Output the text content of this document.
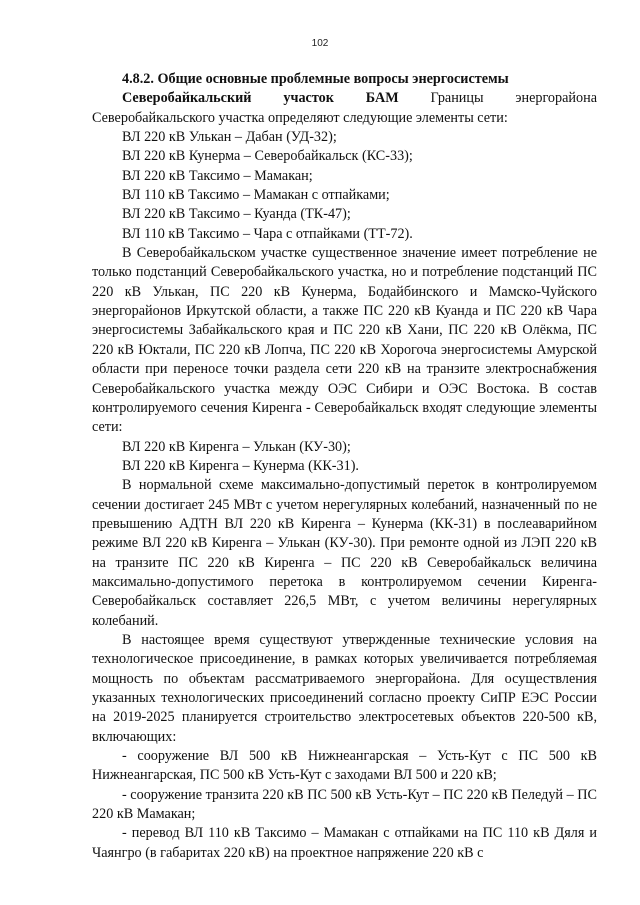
102

4.8.2. Общие основные проблемные вопросы энергосистемы

Северобайкальский участок БАМ Границы энергорайона Северобайкальского участка определяют следующие элементы сети:

ВЛ 220 кВ Улькан – Дабан (УД-32);

ВЛ 220 кВ Кунерма – Северобайкальск (КС-33);

ВЛ 220 кВ Таксимо – Мамакан;

ВЛ 110 кВ Таксимо – Мамакан с отпайками;

ВЛ 220 кВ Таксимо – Куанда (ТК-47);

ВЛ 110 кВ Таксимо – Чара с отпайками (ТТ-72).

В Северобайкальском участке существенное значение имеет потребление не только подстанций Северобайкальского участка, но и потребление подстанций ПС 220 кВ Улькан, ПС 220 кВ Кунерма, Бодайбинского и Мамско-Чуйского энергорайонов Иркутской области, а также ПС 220 кВ Куанда и ПС 220 кВ Чара энергосистемы Забайкальского края и ПС 220 кВ Хани, ПС 220 кВ Олёкма, ПС 220 кВ Юктали, ПС 220 кВ Лопча, ПС 220 кВ Хорогоча энергосистемы Амурской области при переносе точки раздела сети 220 кВ на транзите электроснабжения Северобайкальского участка между ОЭС Сибири и ОЭС Востока. В состав контролируемого сечения Киренга - Северобайкальск входят следующие элементы сети:

ВЛ 220 кВ Киренга – Улькан (КУ-30);

ВЛ 220 кВ Киренга – Кунерма (КК-31).

В нормальной схеме максимально-допустимый переток в контролируемом сечении достигает 245 МВт с учетом нерегулярных колебаний, назначенный по не превышению АДТН ВЛ 220 кВ Киренга – Кунерма (КК-31) в послеаварийном режиме ВЛ 220 кВ Киренга – Улькан (КУ-30). При ремонте одной из ЛЭП 220 кВ на транзите ПС 220 кВ Киренга – ПС 220 кВ Северобайкальск величина максимально-допустимого перетока в контролируемом сечении Киренга-Северобайкальск составляет 226,5 МВт, с учетом величины нерегулярных колебаний.

В настоящее время существуют утвержденные технические условия на технологическое присоединение, в рамках которых увеличивается потребляемая мощность по объектам рассматриваемого энергорайона. Для осуществления указанных технологических присоединений согласно проекту СиПР ЕЭС России на 2019-2025 планируется строительство электросетевых объектов 220-500 кВ, включающих:

- сооружение ВЛ 500 кВ Нижнеангарская – Усть-Кут с ПС 500 кВ Нижнеангарская, ПС 500 кВ Усть-Кут с заходами ВЛ 500 и 220 кВ;

- сооружение транзита 220 кВ ПС 500 кВ Усть-Кут – ПС 220 кВ Пеледуй – ПС 220 кВ Мамакан;

- перевод ВЛ 110 кВ Таксимо – Мамакан с отпайками на ПС 110 кВ Дяля и Чаянгро (в габаритах 220 кВ) на проектное напряжение 220 кВ с
